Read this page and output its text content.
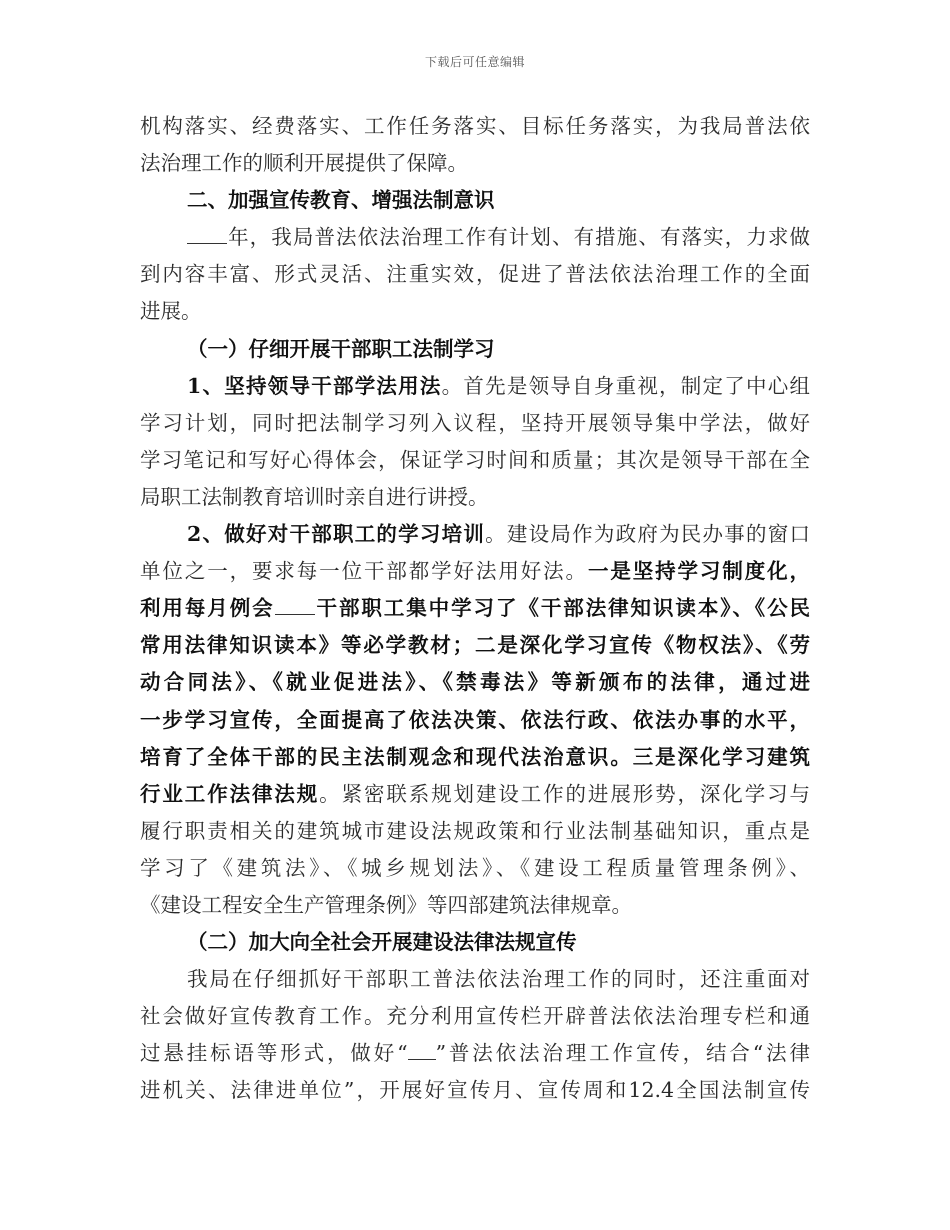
下载后可任意编辑
机构落实、经费落实、工作任务落实、目标任务落实，为我局普法依
法治理工作的顺利开展提供了保障。
二、加强宣传教育、增强法制意识
年，我局普法依法治理工作有计划、有措施、有落实，力求做
到内容丰富、形式灵活、注重实效，促进了普法依法治理工作的全面
进展。
（一）仔细开展干部职工法制学习
1、坚持领导干部学法用法。首先是领导自身重视，制定了中心组
学习计划，同时把法制学习列入议程，坚持开展领导集中学法，做好
学习笔记和写好心得体会，保证学习时间和质量；其次是领导干部在全
局职工法制教育培训时亲自进行讲授。
2、做好对干部职工的学习培训。建设局作为政府为民办事的窗口
单位之一，要求每一位干部都学好法用好法。一是坚持学习制度化，
利用每月例会 干部职工集中学习了《干部法律知识读本》、《公民
常用法律知识读本》等必学教材；二是深化学习宣传《物权法》、《劳
动合同法》、《就业促进法》、《禁毒法》等新颁布的法律，通过进
一步学习宣传，全面提高了依法决策、依法行政、依法办事的水平，
培育了全体干部的民主法制观念和现代法治意识。三是深化学习建筑
行业工作法律法规。紧密联系规划建设工作的进展形势，深化学习与
履行职责相关的建筑城市建设法规政策和行业法制基础知识，重点是
学习了《建筑法》、《城乡规划法》、《建设工程质量管理条例》、
《建设工程安全生产管理条例》等四部建筑法律规章。
（二）加大向全社会开展建设法律法规宣传
我局在仔细抓好干部职工普法依法治理工作的同时，还注重面对
社会做好宣传教育工作。充分利用宣传栏开辟普法依法治理专栏和通
过悬挂标语等形式，做好“ ”普法依法治理工作宣传，结合“法律
进机关、法律进单位”，开展好宣传月、宣传周和12.4全国法制宣传
